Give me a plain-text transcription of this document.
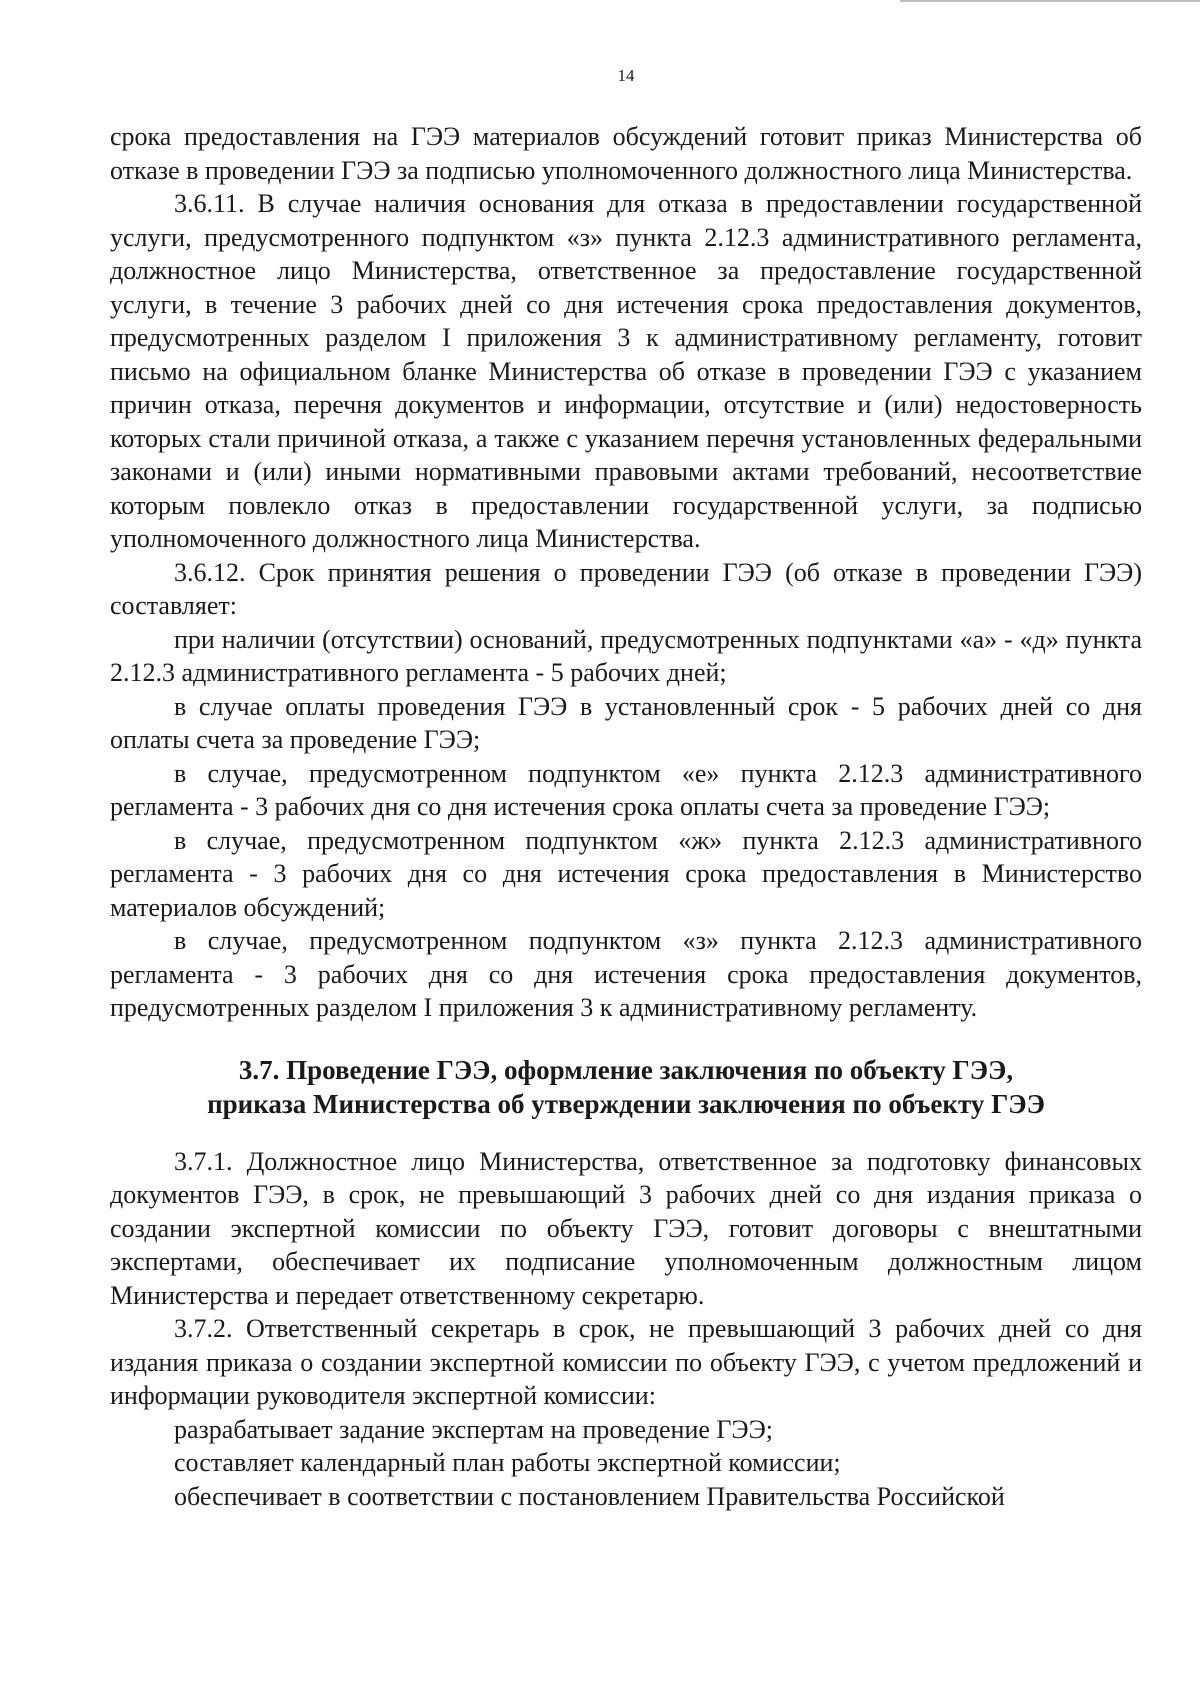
14

срока предоставления на ГЭЭ материалов обсуждений готовит приказ Министерства об отказе в проведении ГЭЭ за подписью уполномоченного должностного лица Министерства.

3.6.11. В случае наличия основания для отказа в предоставлении государственной услуги, предусмотренного подпунктом «з» пункта 2.12.3 административного регламента, должностное лицо Министерства, ответственное за предоставление государственной услуги, в течение 3 рабочих дней со дня истечения срока предоставления документов, предусмотренных разделом I приложения 3 к административному регламенту, готовит письмо на официальном бланке Министерства об отказе в проведении ГЭЭ с указанием причин отказа, перечня документов и информации, отсутствие и (или) недостоверность которых стали причиной отказа, а также с указанием перечня установленных федеральными законами и (или) иными нормативными правовыми актами требований, несоответствие которым повлекло отказ в предоставлении государственной услуги, за подписью уполномоченного должностного лица Министерства.

3.6.12. Срок принятия решения о проведении ГЭЭ (об отказе в проведении ГЭЭ) составляет:

при наличии (отсутствии) оснований, предусмотренных подпунктами «а» - «д» пункта 2.12.3 административного регламента - 5 рабочих дней;

в случае оплаты проведения ГЭЭ в установленный срок - 5 рабочих дней со дня оплаты счета за проведение ГЭЭ;

в случае, предусмотренном подпунктом «е» пункта 2.12.3 административного регламента - 3 рабочих дня со дня истечения срока оплаты счета за проведение ГЭЭ;

в случае, предусмотренном подпунктом «ж» пункта 2.12.3 административного регламента - 3 рабочих дня со дня истечения срока предоставления в Министерство материалов обсуждений;

в случае, предусмотренном подпунктом «з» пункта 2.12.3 административного регламента - 3 рабочих дня со дня истечения срока предоставления документов, предусмотренных разделом I приложения 3 к административному регламенту.

3.7. Проведение ГЭЭ, оформление заключения по объекту ГЭЭ,
приказа Министерства об утверждении заключения по объекту ГЭЭ

3.7.1. Должностное лицо Министерства, ответственное за подготовку финансовых документов ГЭЭ, в срок, не превышающий 3 рабочих дней со дня издания приказа о создании экспертной комиссии по объекту ГЭЭ, готовит договоры с внештатными экспертами, обеспечивает их подписание уполномоченным должностным лицом Министерства и передает ответственному секретарю.

3.7.2. Ответственный секретарь в срок, не превышающий 3 рабочих дней со дня издания приказа о создании экспертной комиссии по объекту ГЭЭ, с учетом предложений и информации руководителя экспертной комиссии:

разрабатывает задание экспертам на проведение ГЭЭ;

составляет календарный план работы экспертной комиссии;

обеспечивает в соответствии с постановлением Правительства Российской
